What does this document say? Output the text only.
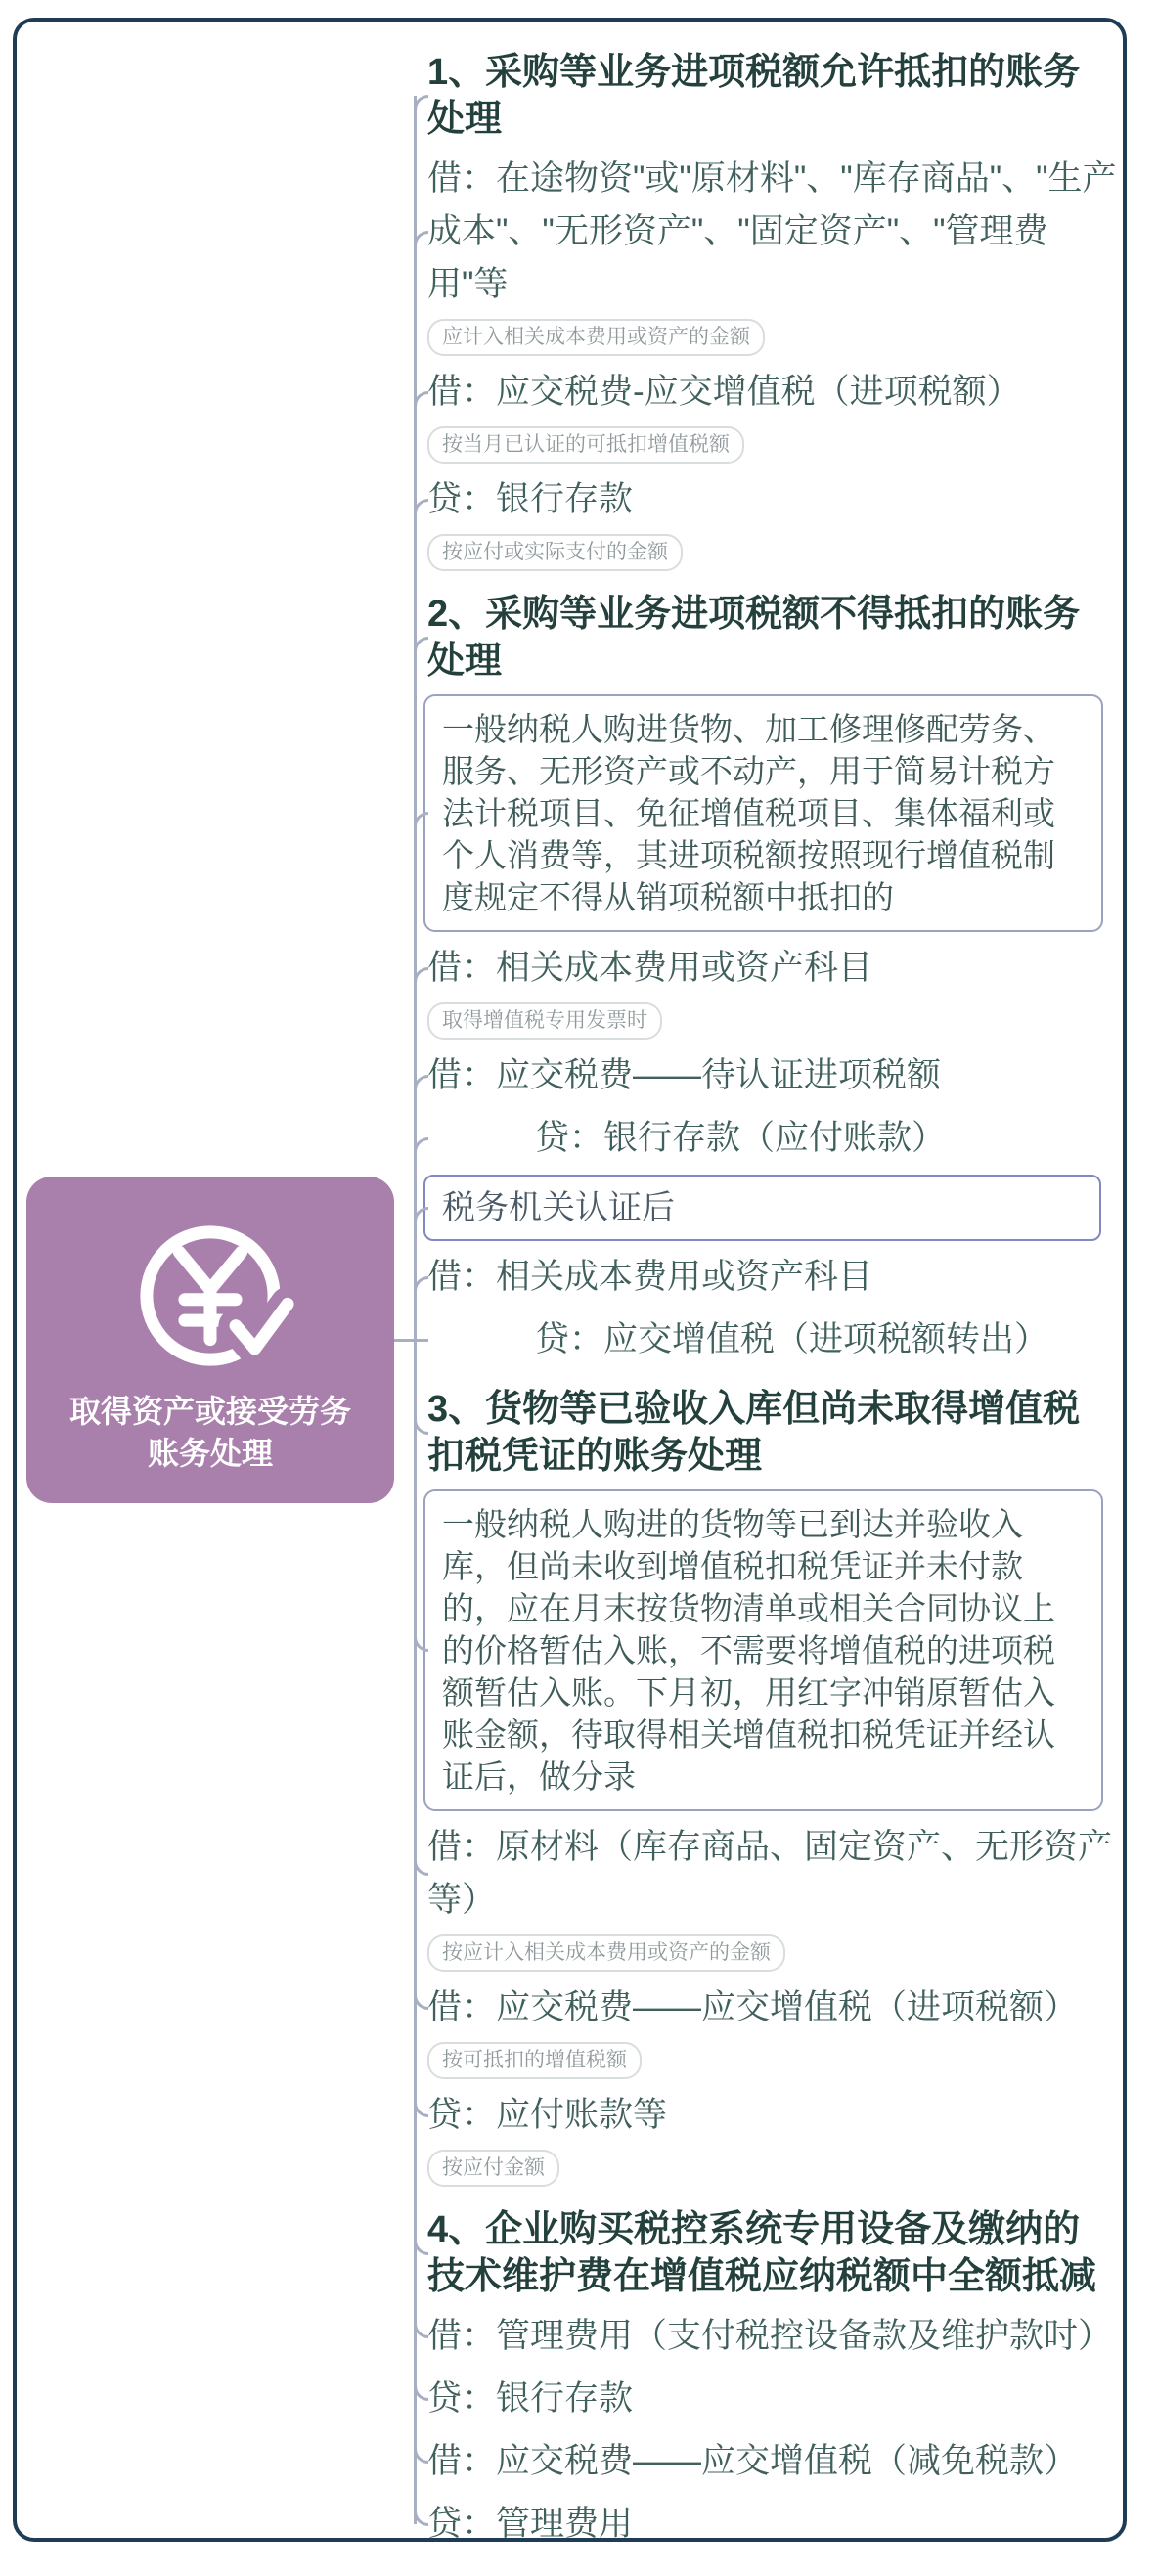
取得资产或接受劳务
账务处理
1、采购等业务进项税额允许抵扣的账务处理
借：在途物资"或"原材料"、"库存商品"、"生产成本"、"无形资产"、"固定资产"、"管理费用"等
应计入相关成本费用或资产的金额
借：应交税费-应交增值税（进项税额）
按当月已认证的可抵扣增值税额
贷：银行存款
按应付或实际支付的金额
2、采购等业务进项税额不得抵扣的账务处理
一般纳税人购进货物、加工修理修配劳务、服务、无形资产或不动产，用于简易计税方法计税项目、免征增值税项目、集体福利或个人消费等，其进项税额按照现行增值税制度规定不得从销项税额中抵扣的
借：相关成本费用或资产科目
取得增值税专用发票时
借：应交税费——待认证进项税额
贷：银行存款（应付账款）
税务机关认证后
借：相关成本费用或资产科目
贷：应交增值税（进项税额转出）
3、货物等已验收入库但尚未取得增值税扣税凭证的账务处理
一般纳税人购进的货物等已到达并验收入库，但尚未收到增值税扣税凭证并未付款的，应在月末按货物清单或相关合同协议上的价格暂估入账，不需要将增值税的进项税额暂估入账。下月初，用红字冲销原暂估入账金额，待取得相关增值税扣税凭证并经认证后，做分录
借：原材料（库存商品、固定资产、无形资产等）
按应计入相关成本费用或资产的金额
借：应交税费——应交增值税（进项税额）
按可抵扣的增值税额
贷：应付账款等
按应付金额
4、企业购买税控系统专用设备及缴纳的技术维护费在增值税应纳税额中全额抵减
借：管理费用（支付税控设备款及维护款时）
贷：银行存款
借：应交税费——应交增值税（减免税款）
贷：管理费用
